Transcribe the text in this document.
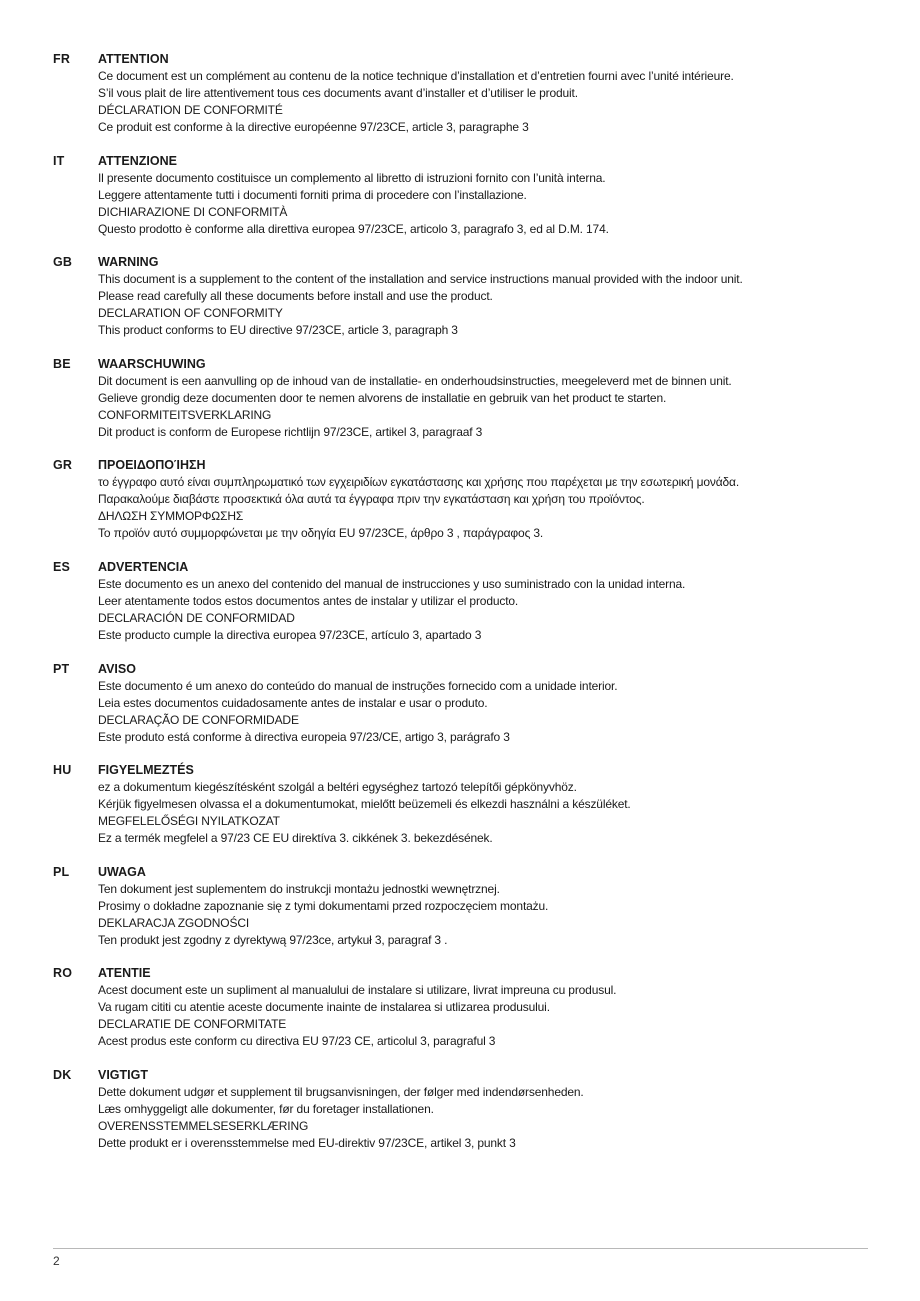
FR	ATTENTION
Ce document est un complément au contenu de la notice technique d’installation et d’entretien fourni avec l’unité intérieure.
S’il vous plait de lire attentivement tous ces documents avant d’installer et d’utiliser le produit.
DÉCLARATION DE CONFORMITÉ
Ce produit est conforme à la directive européenne 97/23CE, article 3, paragraphe 3
IT	ATTENZIONE
Il presente documento costituisce un complemento al libretto di istruzioni fornito con l’unità interna.
Leggere attentamente tutti i documenti forniti prima di procedere con l’installazione.
DICHIARAZIONE DI CONFORMITÀ
Questo prodotto è conforme alla direttiva europea 97/23CE, articolo 3, paragrafo 3, ed al D.M. 174.
GB	WARNING
This document is a supplement to the content of the installation and service instructions manual provided with the indoor unit.
Please read carefully all these documents before install and use the product.
DECLARATION OF CONFORMITY
This product conforms to EU directive 97/23CE, article 3, paragraph 3
BE	WAARSCHUWING
Dit document is een aanvulling op de inhoud van de installatie- en onderhoudsinstructies, meegeleverd met de binnen unit.
Gelieve grondig deze documenten door te nemen alvorens de installatie en gebruik van het product te starten.
CONFORMITEITSVERKLARING
Dit product is conform de Europese richtlijn 97/23CE, artikel 3, paragraaf 3
GR	ΠΡΟΕΙΔΟΠΟΊΗΣΗ
το έγγραφο αυτό είναι συμπληρωματικό των εγχειριδίων εγκατάστασης και χρήσης που παρέχεται με την εσωτερική μονάδα.
Παρακαλούμε διαβάστε προσεκτικά όλα αυτά τα έγγραφα πριν την εγκατάσταση και χρήση του προϊόντος.
ΔΗΛΩΣΗ ΣΥΜΜΟΡΦΩΣΗΣ
Το προϊόν αυτό συμμορφώνεται με την οδηγία EU 97/23CE, άρθρο 3 , παράγραφος 3.
ES	ADVERTENCIA
Este documento es un anexo del contenido del manual de instrucciones y uso suministrado con la unidad interna.
Leer atentamente todos estos documentos antes de instalar y utilizar el producto.
DECLARACIÓN DE CONFORMIDAD
Este producto cumple la directiva europea 97/23CE, artículo 3, apartado 3
PT	AVISO
Este documento é um anexo do conteúdo do manual de instruções fornecido com a unidade interior.
Leia estes documentos cuidadosamente antes de instalar e usar o produto.
DECLARAÇÃO DE CONFORMIDADE
Este produto está conforme à directiva europeia 97/23/CE, artigo 3, parágrafo 3
HU	FIGYELMEZTÉS
ez a dokumentum kiegészítésként szolgál a beltéri egységhez tartozó telepítői gépkönyvhöz.
Kérjük figyelmesen olvassa el a dokumentumokat, mielőtt beüzemeli és elkezdi használni a készüléket.
MEGFELELŐSÉGI NYILATKOZAT
Ez a termék megfelel a 97/23 CE EU direktíva 3. cikkének 3. bekezdésének.
PL	UWAGA
Ten dokument jest suplementem do instrukcji montażu jednostki wewnętrznej.
Prosimy o dokładne zapoznanie się z tymi dokumentami przed rozpoczęciem montażu.
DEKLARACJA ZGODNOŚCI
Ten produkt jest zgodny z dyrektywą 97/23ce, artykuł 3, paragraf 3 .
RO	ATENTIE
Acest document este un supliment al manualului de instalare si utilizare, livrat impreuna cu produsul.
Va rugam cititi cu atentie aceste documente inainte de instalarea si utlizarea produsului.
DECLARATIE DE CONFORMITATE
Acest produs este conform cu directiva EU 97/23 CE, articolul 3, paragraful 3
DK	VIGTIGT
Dette dokument udgør et supplement til brugsanvisningen, der følger med indendørsenheden.
Læs omhyggeligt alle dokumenter, før du foretager installationen.
OVERENSSTEMMELSESERKLÆRING
Dette produkt er i overensstemmelse med EU-direktiv 97/23CE, artikel 3, punkt 3
2
